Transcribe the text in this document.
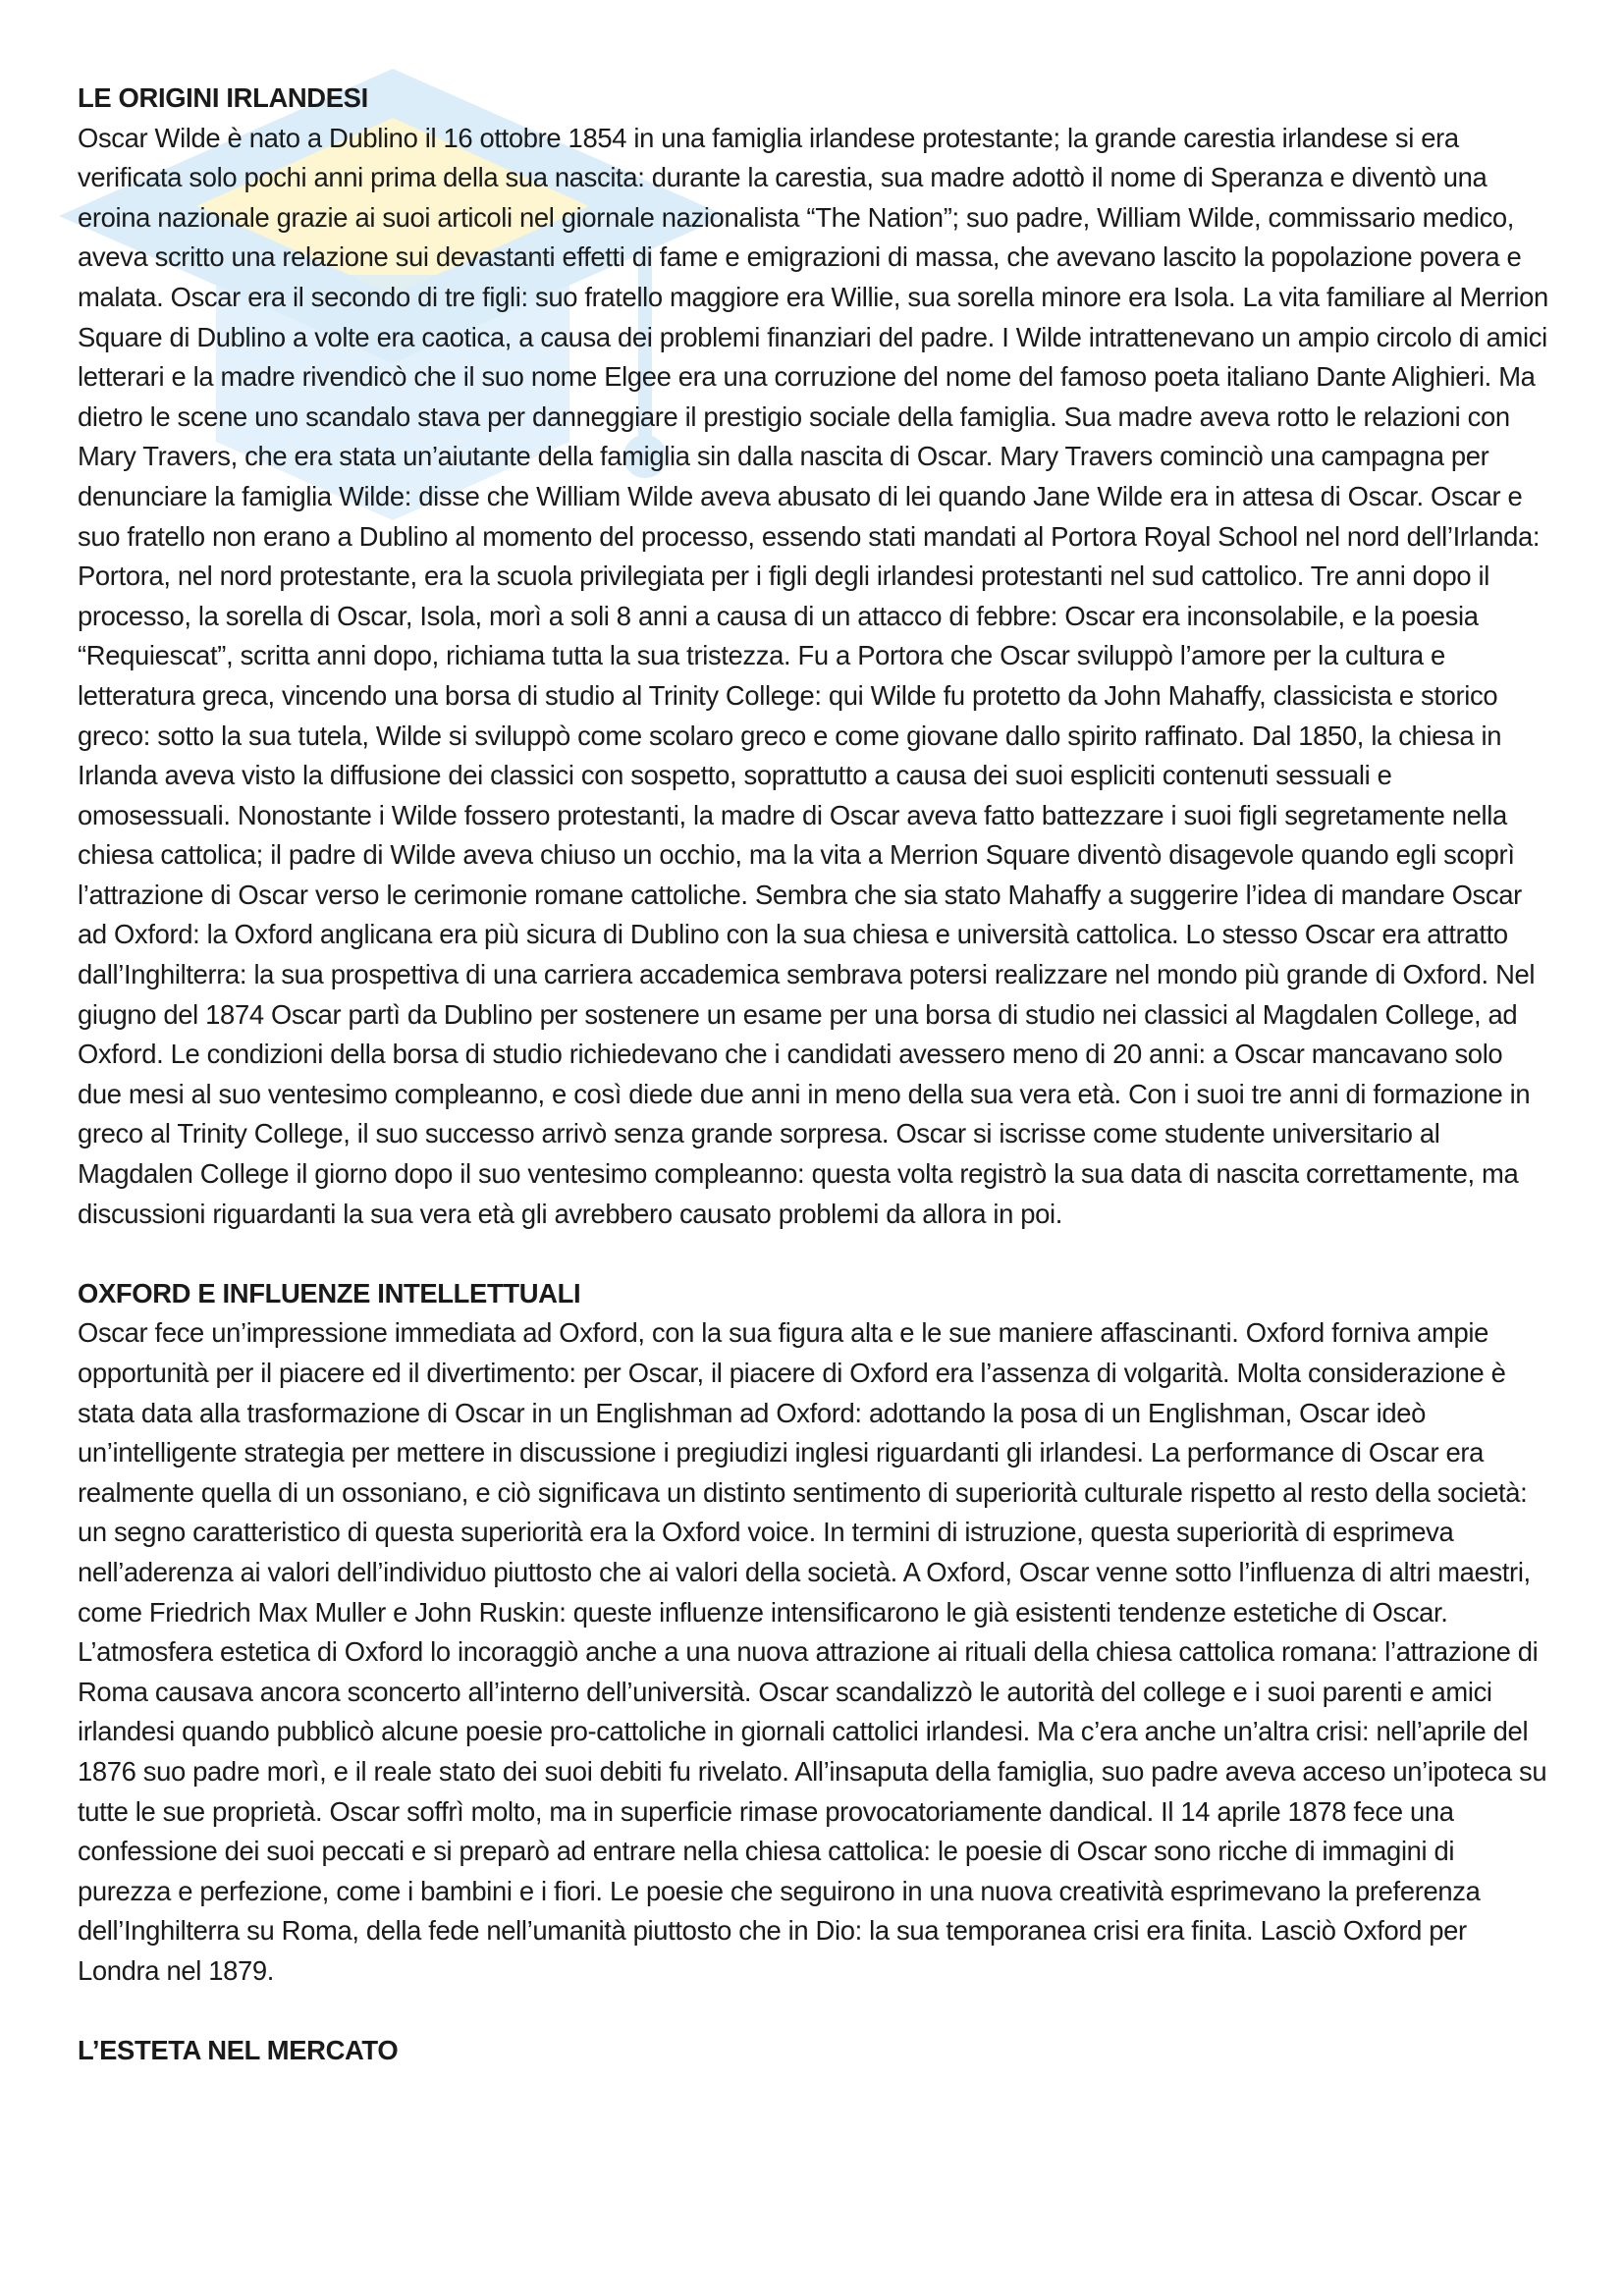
LE ORIGINI IRLANDESI

Oscar Wilde è nato a Dublino il 16 ottobre 1854 in una famiglia irlandese protestante; la grande carestia irlandese si era verificata solo pochi anni prima della sua nascita: durante la carestia, sua madre adottò il nome di Speranza e diventò una eroina nazionale grazie ai suoi articoli nel giornale nazionalista “The Nation”; suo padre, William Wilde, commissario medico, aveva scritto una relazione sui devastanti effetti di fame e emigrazioni di massa, che avevano lascito la popolazione povera e malata. Oscar era il secondo di tre figli: suo fratello maggiore era Willie, sua sorella minore era Isola. La vita familiare al Merrion Square di Dublino a volte era caotica, a causa dei problemi finanziari del padre. I Wilde intrattenevano un ampio circolo di amici letterari e la madre rivendicò che il suo nome Elgee era una corruzione del nome del famoso poeta italiano Dante Alighieri. Ma dietro le scene uno scandalo stava per danneggiare il prestigio sociale della famiglia. Sua madre aveva rotto le relazioni con Mary Travers, che era stata un’aiutante della famiglia sin dalla nascita di Oscar. Mary Travers cominciò una campagna per denunciare la famiglia Wilde: disse che William Wilde aveva abusato di lei quando Jane Wilde era in attesa di Oscar. Oscar e suo fratello non erano a Dublino al momento del processo, essendo stati mandati al Portora Royal School nel nord dell’Irlanda: Portora, nel nord protestante, era la scuola privilegiata per i figli degli irlandesi protestanti nel sud cattolico. Tre anni dopo il processo, la sorella di Oscar, Isola, morì a soli 8 anni a causa di un attacco di febbre: Oscar era inconsolabile, e la poesia “Requiescat”, scritta anni dopo, richiama tutta la sua tristezza. Fu a Portora che Oscar sviluppò l’amore per la cultura e letteratura greca, vincendo una borsa di studio al Trinity College: qui Wilde fu protetto da John Mahaffy, classicista e storico greco: sotto la sua tutela, Wilde si sviluppò come scolaro greco e come giovane dallo spirito raffinato. Dal 1850, la chiesa in Irlanda aveva visto la diffusione dei classici con sospetto, soprattutto a causa dei suoi espliciti contenuti sessuali e omosessuali. Nonostante i Wilde fossero protestanti, la madre di Oscar aveva fatto battezzare i suoi figli segretamente nella chiesa cattolica; il padre di Wilde aveva chiuso un occhio, ma la vita a Merrion Square diventò disagevole quando egli scoprì l’attrazione di Oscar verso le cerimonie romane cattoliche. Sembra che sia stato Mahaffy a suggerire l’idea di mandare Oscar ad Oxford: la Oxford anglicana era più sicura di Dublino con la sua chiesa e università cattolica. Lo stesso Oscar era attratto dall’Inghilterra: la sua prospettiva di una carriera accademica sembrava potersi realizzare nel mondo più grande di Oxford. Nel giugno del 1874 Oscar partì da Dublino per sostenere un esame per una borsa di studio nei classici al Magdalen College, ad Oxford. Le condizioni della borsa di studio richiedevano che i candidati avessero meno di 20 anni: a Oscar mancavano solo due mesi al suo ventesimo compleanno, e così diede due anni in meno della sua vera età. Con i suoi tre anni di formazione in greco al Trinity College, il suo successo arrivò senza grande sorpresa. Oscar si iscrisse come studente universitario al Magdalen College il giorno dopo il suo ventesimo compleanno: questa volta registrò la sua data di nascita correttamente, ma discussioni riguardanti la sua vera età gli avrebbero causato problemi da allora in poi.

OXFORD E INFLUENZE INTELLETTUALI

Oscar fece un’impressione immediata ad Oxford, con la sua figura alta e le sue maniere affascinanti. Oxford forniva ampie opportunità per il piacere ed il divertimento: per Oscar, il piacere di Oxford era l’assenza di volgarità. Molta considerazione è stata data alla trasformazione di Oscar in un Englishman ad Oxford: adottando la posa di un Englishman, Oscar ideò un’intelligente strategia per mettere in discussione i pregiudizi inglesi riguardanti gli irlandesi. La performance di Oscar era realmente quella di un ossoniano, e ciò significava un distinto sentimento di superiorità culturale rispetto al resto della società: un segno caratteristico di questa superiorità era la Oxford voice. In termini di istruzione, questa superiorità di esprimeva nell’aderenza ai valori dell’individuo piuttosto che ai valori della società. A Oxford, Oscar venne sotto l’influenza di altri maestri, come Friedrich Max Muller e John Ruskin: queste influenze intensificarono le già esistenti tendenze estetiche di Oscar. L’atmosfera estetica di Oxford lo incoraggiò anche a una nuova attrazione ai rituali della chiesa cattolica romana: l’attrazione di Roma causava ancora sconcerto all’interno dell’università. Oscar scandalizzò le autorità del college e i suoi parenti e amici irlandesi quando pubblicò alcune poesie pro-cattoliche in giornali cattolici irlandesi. Ma c’era anche un’altra crisi: nell’aprile del 1876 suo padre morì, e il reale stato dei suoi debiti fu rivelato. All’insaputa della famiglia, suo padre aveva acceso un’ipoteca su tutte le sue proprietà. Oscar soffrì molto, ma in superficie rimase provocatoriamente dandical. Il 14 aprile 1878 fece una confessione dei suoi peccati e si preparò ad entrare nella chiesa cattolica: le poesie di Oscar sono ricche di immagini di purezza e perfezione, come i bambini e i fiori. Le poesie che seguirono in una nuova creatività esprimevano la preferenza dell’Inghilterra su Roma, della fede nell’umanità piuttosto che in Dio: la sua temporanea crisi era finita. Lasciò Oxford per Londra nel 1879.

L’ESTETA NEL MERCATO
